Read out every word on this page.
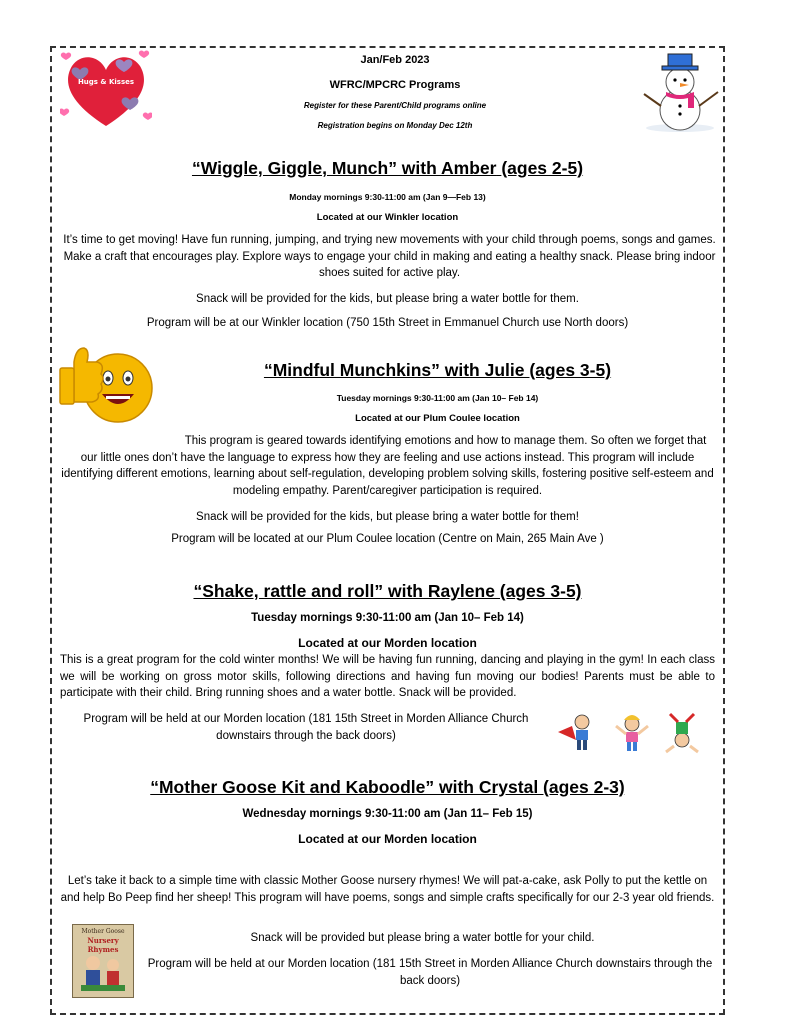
Hugs & Kisses
Jan/Feb 2023
WFRC/MPCRC Programs
Register for these Parent/Child programs online
Registration begins on Monday Dec 12th
“Wiggle, Giggle, Munch” with Amber (ages 2-5)
Monday mornings 9:30-11:00 am (Jan 9—Feb 13)
Located at our Winkler location
It’s time to get moving! Have fun running, jumping, and trying new movements with your child through poems, songs and games. Make a craft that encourages play. Explore ways to engage your child in making and eating a healthy snack. Please bring indoor shoes suited for active play.
Snack will be provided for the kids, but please bring a water bottle for them.
Program will be at our Winkler location (750 15th Street in Emmanuel Church use North doors)
“Mindful Munchkins” with Julie (ages 3-5)
Tuesday mornings 9:30-11:00 am (Jan 10– Feb 14)
Located at our Plum Coulee location
This program is geared towards identifying emotions and how to manage them. So often we forget that our little ones don’t have the language to express how they are feeling and use actions instead. This program will include identifying different emotions, learning about self-regulation, developing problem solving skills, fostering positive self-esteem and modeling empathy. Parent/caregiver participation is required.
Snack will be provided for the kids, but please bring a water bottle for them!
Program will be located at our Plum Coulee location (Centre on Main, 265 Main Ave )
“Shake, rattle and roll” with Raylene (ages 3-5)
Tuesday mornings 9:30-11:00 am (Jan 10– Feb 14)
Located at our Morden location
This is a great program for the cold winter months! We will be having fun running, dancing and playing in the gym! In each class we will be working on gross motor skills, following directions and having fun moving our bodies! Parents must be able to participate with their child. Bring running shoes and a water bottle. Snack will be provided.
Program will be held at our Morden location (181 15th Street in Morden Alliance Church downstairs through the back doors)
“Mother Goose Kit and Kaboodle” with Crystal (ages 2-3)
Wednesday mornings 9:30-11:00 am (Jan 11– Feb 15)
Located at our Morden location
Let’s take it back to a simple time with classic Mother Goose nursery rhymes! We will pat-a-cake, ask Polly to put the kettle on and help Bo Peep find her sheep! This program will have poems, songs and simple crafts specifically for our 2-3 year old friends.
Snack will be provided but please bring a water bottle for your child.
Program will be held at our Morden location (181 15th Street in Morden Alliance Church downstairs through the back doors)
Mother Goose
Nursery Rhymes
